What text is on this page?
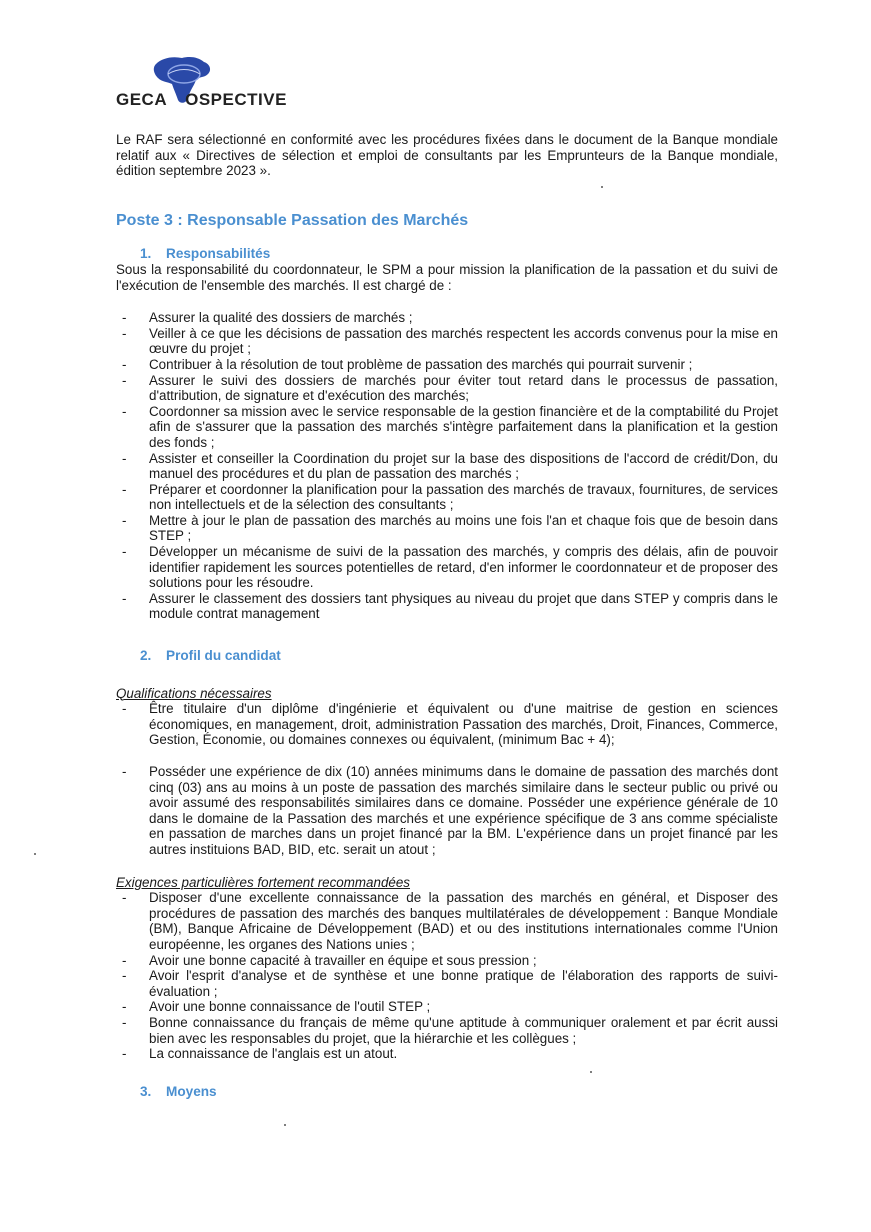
GECA OSPECTIVE

Le RAF sera sélectionné en conformité avec les procédures fixées dans le document de la Banque mondiale relatif aux « Directives de sélection et emploi de consultants par les Emprunteurs de la Banque mondiale, édition septembre 2023 ».

Poste 3 : Responsable Passation des Marchés
1. Responsabilités

Sous la responsabilité du coordonnateur, le SPM a pour mission la planification de la passation et du suivi de l'exécution de l'ensemble des marchés. Il est chargé de :

- Assurer la qualité des dossiers de marchés ;
- Veiller à ce que les décisions de passation des marchés respectent les accords convenus pour la mise en œuvre du projet ;
- Contribuer à la résolution de tout problème de passation des marchés qui pourrait survenir ;
- Assurer le suivi des dossiers de marchés pour éviter tout retard dans le processus de passation, d'attribution, de signature et d'exécution des marchés;
- Coordonner sa mission avec le service responsable de la gestion financière et de la comptabilité du Projet afin de s'assurer que la passation des marchés s'intègre parfaitement dans la planification et la gestion des fonds ;
- Assister et conseiller la Coordination du projet sur la base des dispositions de l'accord de crédit/Don, du manuel des procédures et du plan de passation des marchés ;
- Préparer et coordonner la planification pour la passation des marchés de travaux, fournitures, de services non intellectuels et de la sélection des consultants ;
- Mettre à jour le plan de passation des marchés au moins une fois l'an et chaque fois que de besoin dans STEP ;
- Développer un mécanisme de suivi de la passation des marchés, y compris des délais, afin de pouvoir identifier rapidement les sources potentielles de retard, d'en informer le coordonnateur et de proposer des solutions pour les résoudre.
- Assurer le classement des dossiers tant physiques au niveau du projet que dans STEP y compris dans le module contrat management
2. Profil du candidat

Qualifications nécessaires

- Être titulaire d'un diplôme d'ingénierie et équivalent ou d'une maitrise de gestion en sciences économiques, en management, droit, administration Passation des marchés, Droit, Finances, Commerce, Gestion, Économie, ou domaines connexes ou équivalent, (minimum Bac + 4);
- Posséder une expérience de dix (10) années minimums dans le domaine de passation des marchés dont cinq (03) ans au moins à un poste de passation des marchés similaire dans le secteur public ou privé ou avoir assumé des responsabilités similaires dans ce domaine. Posséder une expérience générale de 10 dans le domaine de la Passation des marchés et une expérience spécifique de 3 ans comme spécialiste en passation de marches dans un projet financé par la BM. L'expérience dans un projet financé par les autres instituions BAD, BID, etc. serait un atout ;

Exigences particulières fortement recommandées

- Disposer d'une excellente connaissance de la passation des marchés en général, et Disposer des procédures de passation des marchés des banques multilatérales de développement : Banque Mondiale (BM), Banque Africaine de Développement (BAD) et ou des institutions internationales comme l'Union européenne, les organes des Nations unies ;
- Avoir une bonne capacité à travailler en équipe et sous pression ;
- Avoir l'esprit d'analyse et de synthèse et une bonne pratique de l'élaboration des rapports de suivi-évaluation ;
- Avoir une bonne connaissance de l'outil STEP ;
- Bonne connaissance du français de même qu'une aptitude à communiquer oralement et par écrit aussi bien avec les responsables du projet, que la hiérarchie et les collègues ;
- La connaissance de l'anglais est un atout.
3. Moyens
